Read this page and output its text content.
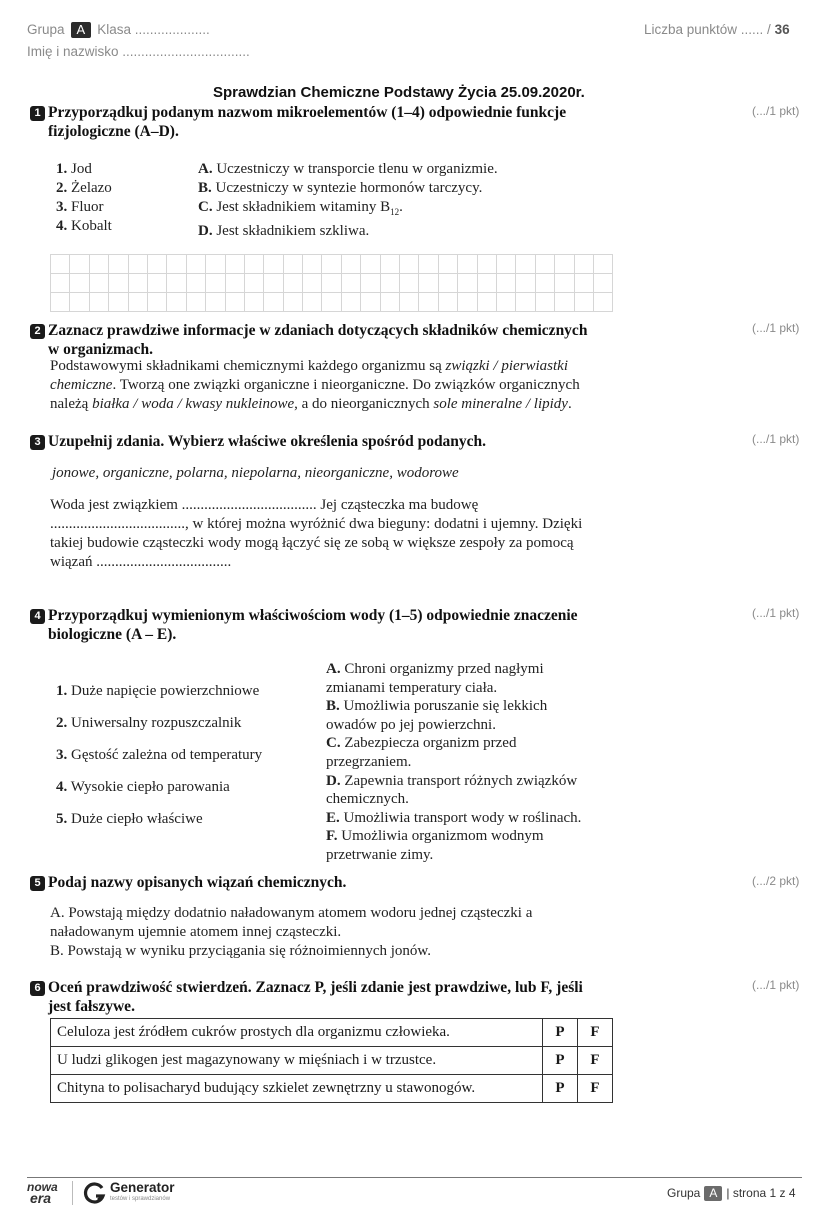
Grupa A Klasa ....................
Imię i nazwisko ..................................
Liczba punktów ...... / 36
Sprawdzian Chemiczne Podstawy Życia 25.09.2020r.
1 Przyporządkuj podanym nazwom mikroelementów (1–4) odpowiednie funkcje fizjologiczne (A–D).
(.../1 pkt)
1. Jod
2. Żelazo
3. Fluor
4. Kobalt
A. Uczestniczy w transporcie tlenu w organizmie.
B. Uczestniczy w syntezie hormonów tarczycy.
C. Jest składnikiem witaminy $B_{12}$.
D. Jest składnikiem szkliwa.

2 Zaznacz prawdziwe informacje w zdaniach dotyczących składników chemicznych w organizmach.
(.../1 pkt)
Podstawowymi składnikami chemicznymi każdego organizmu są związki / pierwiastki chemiczne. Tworzą one związki organiczne i nieorganiczne. Do związków organicznych należą białka / woda / kwasy nukleinowe, a do nieorganicznych sole mineralne / lipidy.
3 Uzupełnij zdania. Wybierz właściwe określenia spośród podanych.	(.../1 pkt)
jonowe, organiczne, polarna, niepolarna, nieorganiczne, wodorowe
Woda jest związkiem .................................... Jej cząsteczka ma budowę ...................................., w której można wyróżnić dwa bieguny: dodatni i ujemny. Dzięki takiej budowie cząsteczki wody mogą łączyć się ze sobą w większe zespoły za pomocą wiązań ....................................
4 Przyporządkuj wymienionym właściwościom wody (1–5) odpowiednie znaczenie biologiczne (A – E).
(.../1 pkt)
1. Duże napięcie powierzchniowe
2. Uniwersalny rozpuszczalnik
3. Gęstość zależna od temperatury
4. Wysokie ciepło parowania
5. Duże ciepło właściwe
A. Chroni organizmy przed nagłymi zmianami temperatury ciała.
B. Umożliwia poruszanie się lekkich owadów po jej powierzchni.
C. Zabezpiecza organizm przed przegrzaniem.
D. Zapewnia transport różnych związków chemicznych.
E. Umożliwia transport wody w roślinach.
F. Umożliwia organizmom wodnym przetrwanie zimy.
5 Podaj nazwy opisanych wiązań chemicznych.	(.../2 pkt)
A. Powstają między dodatnio naładowanym atomem wodoru jednej cząsteczki a naładowanym ujemnie atomem innej cząsteczki.
B. Powstają w wyniku przyciągania się różnoimiennych jonów.
6 Oceń prawdziwość stwierdzeń. Zaznacz P, jeśli zdanie jest prawdziwe, lub F, jeśli jest fałszywe.
(.../1 pkt)
Celuloza jest źródłem cukrów prostych dla organizmu człowieka.	P	F
U ludzi glikogen jest magazynowany w mięśniach i w trzustce.	P	F
Chityna to polisacharyd budujący szkielet zewnętrzny u stawonogów.	P	F
nowa
era
Generator
testów i sprawdzianów	Grupa A | strona 1 z 4
